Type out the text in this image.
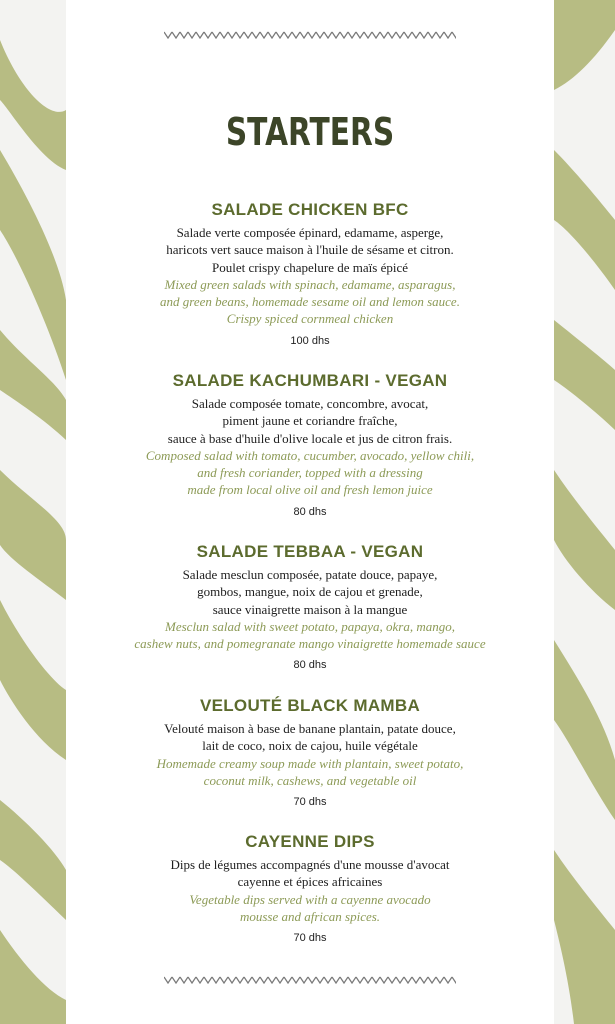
STARTERS

SALADE CHICKEN BFC

Salade verte composée épinard, edamame, asperge,
haricots vert sauce maison à l'huile de sésame et citron.
Poulet crispy chapelure de maïs épicé

Mixed green salads with spinach, edamame, asparagus,
and green beans, homemade sesame oil and lemon sauce.
Crispy spiced cornmeal chicken

100 dhs

SALADE KACHUMBARI - VEGAN

Salade composée tomate, concombre, avocat,
piment jaune et coriandre fraîche,
sauce à base d'huile d'olive locale et jus de citron frais.

Composed salad with tomato, cucumber, avocado, yellow chili,
and fresh coriander, topped with a dressing
made from local olive oil and fresh lemon juice

80 dhs

SALADE TEBBAA - VEGAN

Salade mesclun composée, patate douce, papaye,
gombos, mangue, noix de cajou et grenade,
sauce vinaigrette maison à la mangue

Mesclun salad with sweet potato, papaya, okra, mango,
cashew nuts, and pomegranate mango vinaigrette homemade sauce

80 dhs

VELOUTÉ BLACK MAMBA

Velouté maison à base de banane plantain, patate douce,
lait de coco, noix de cajou, huile végétale

Homemade creamy soup made with plantain, sweet potato,
coconut milk, cashews, and vegetable oil

70 dhs

CAYENNE DIPS

Dips de légumes accompagnés d'une mousse d'avocat
cayenne et épices africaines

Vegetable dips served with a cayenne avocado
mousse and african spices.

70 dhs
